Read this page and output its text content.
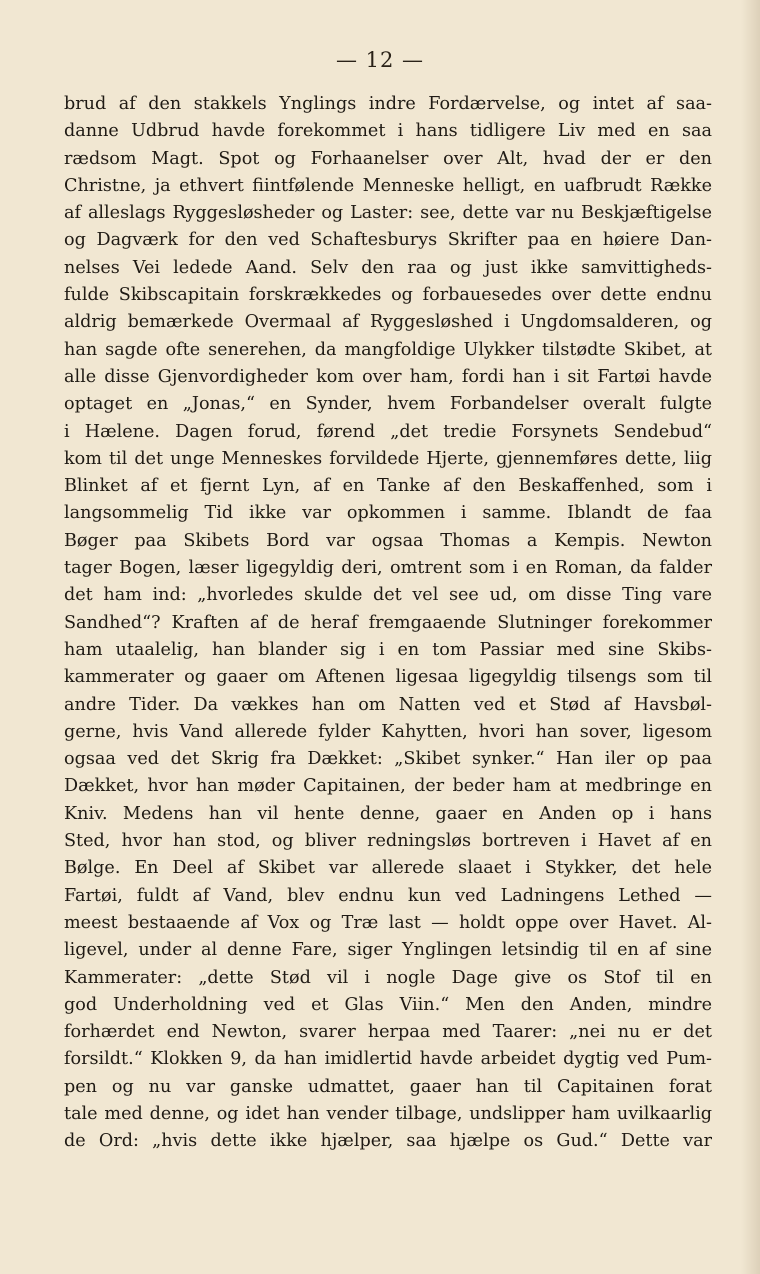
— 12 —
brud af den stakkels Ynglings indre Fordærvelse, og intet af saa-
danne Udbrud havde forekommet i hans tidligere Liv med en saa
rædsom Magt. Spot og Forhaanelser over Alt, hvad der er den
Christne, ja ethvert fiintfølende Menneske helligt, en uafbrudt Række
af alleslags Ryggesløsheder og Laster: see, dette var nu Beskjæftigelse
og Dagværk for den ved Schaftesburys Skrifter paa en høiere Dan-
nelses Vei ledede Aand. Selv den raa og just ikke samvittigheds-
fulde Skibscapitain forskrækkedes og forbauesedes over dette endnu
aldrig bemærkede Overmaal af Ryggesløshed i Ungdomsalderen, og
han sagde ofte senerehen, da mangfoldige Ulykker tilstødte Skibet, at
alle disse Gjenvordigheder kom over ham, fordi han i sit Fartøi havde
optaget en „Jonas,“ en Synder, hvem Forbandelser overalt fulgte
i Hælene. Dagen forud, førend „det tredie Forsynets Sendebud“
kom til det unge Menneskes forvildede Hjerte, gjennemføres dette, liig
Blinket af et fjernt Lyn, af en Tanke af den Beskaffenhed, som i
langsommelig Tid ikke var opkommen i samme. Iblandt de faa
Bøger paa Skibets Bord var ogsaa Thomas a Kempis. Newton
tager Bogen, læser ligegyldig deri, omtrent som i en Roman, da falder
det ham ind: „hvorledes skulde det vel see ud, om disse Ting vare
Sandhed“? Kraften af de heraf fremgaaende Slutninger forekommer
ham utaalelig, han blander sig i en tom Passiar med sine Skibs-
kammerater og gaaer om Aftenen ligesaa ligegyldig tilsengs som til
andre Tider. Da vækkes han om Natten ved et Stød af Havsbøl-
gerne, hvis Vand allerede fylder Kahytten, hvori han sover, ligesom
ogsaa ved det Skrig fra Dækket: „Skibet synker.“ Han iler op paa
Dækket, hvor han møder Capitainen, der beder ham at medbringe en
Kniv. Medens han vil hente denne, gaaer en Anden op i hans
Sted, hvor han stod, og bliver redningsløs bortreven i Havet af en
Bølge. En Deel af Skibet var allerede slaaet i Stykker, det hele
Fartøi, fuldt af Vand, blev endnu kun ved Ladningens Lethed —
meest bestaaende af Vox og Træ last — holdt oppe over Havet. Al-
ligevel, under al denne Fare, siger Ynglingen letsindig til en af sine
Kammerater: „dette Stød vil i nogle Dage give os Stof til en
god Underholdning ved et Glas Viin.“ Men den Anden, mindre
forhærdet end Newton, svarer herpaa med Taarer: „nei nu er det
forsildt.“ Klokken 9, da han imidlertid havde arbeidet dygtig ved Pum-
pen og nu var ganske udmattet, gaaer han til Capitainen forat
tale med denne, og idet han vender tilbage, undslipper ham uvilkaarlig
de Ord: „hvis dette ikke hjælper, saa hjælpe os Gud.“ Dette var
